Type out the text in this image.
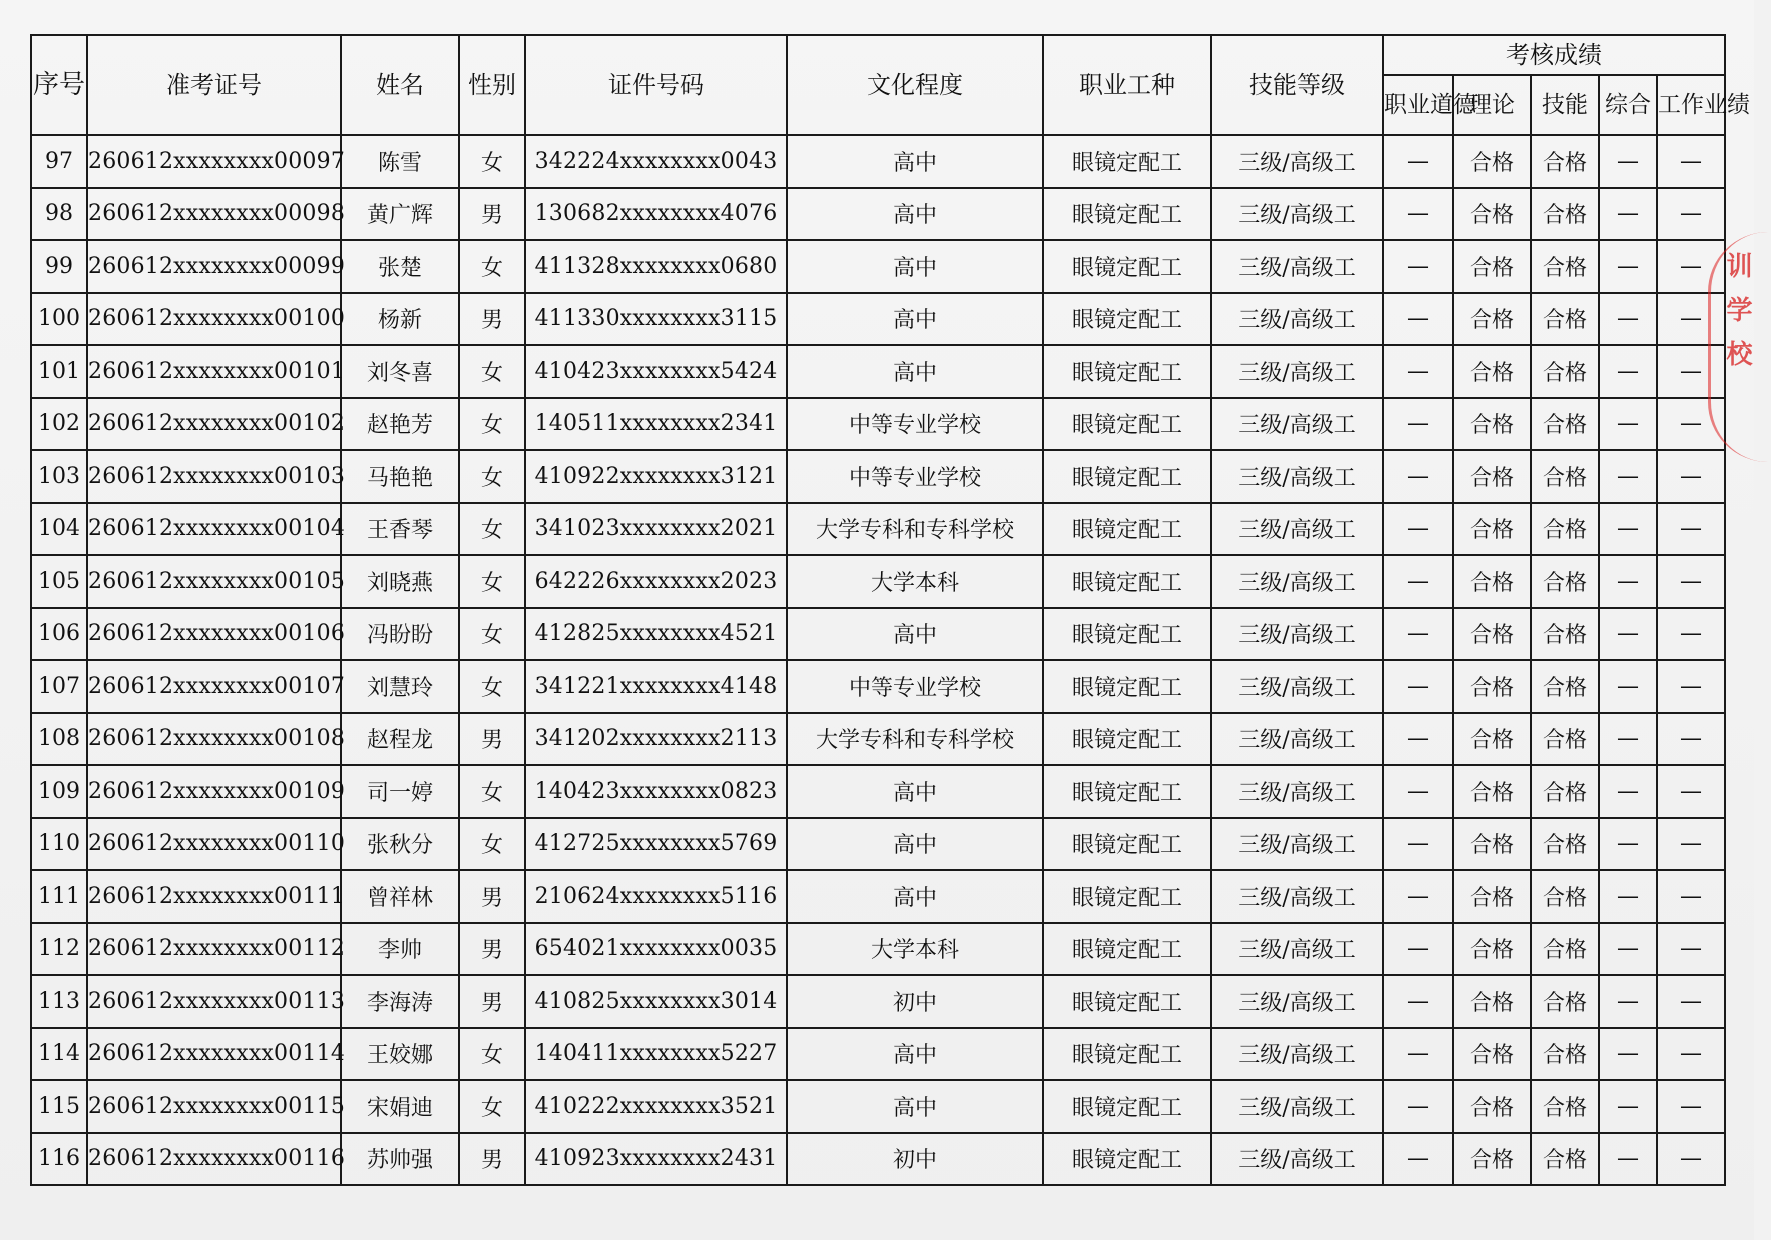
序号	准考证号	姓名	性别	证件号码	文化程度	职业工种	技能等级	考核成绩				
								职业道德	理论	技能	综合	工作业绩
97	260612xxxxxxxx00097	陈雪	女	342224xxxxxxxx0043	高中	眼镜定配工	三级/高级工	—	合格	合格	—	—
98	260612xxxxxxxx00098	黄广辉	男	130682xxxxxxxx4076	高中	眼镜定配工	三级/高级工	—	合格	合格	—	—
99	260612xxxxxxxx00099	张楚	女	411328xxxxxxxx0680	高中	眼镜定配工	三级/高级工	—	合格	合格	—	—
100	260612xxxxxxxx00100	杨新	男	411330xxxxxxxx3115	高中	眼镜定配工	三级/高级工	—	合格	合格	—	—
101	260612xxxxxxxx00101	刘冬喜	女	410423xxxxxxxx5424	高中	眼镜定配工	三级/高级工	—	合格	合格	—	—
102	260612xxxxxxxx00102	赵艳芳	女	140511xxxxxxxx2341	中等专业学校	眼镜定配工	三级/高级工	—	合格	合格	—	—
103	260612xxxxxxxx00103	马艳艳	女	410922xxxxxxxx3121	中等专业学校	眼镜定配工	三级/高级工	—	合格	合格	—	—
104	260612xxxxxxxx00104	王香琴	女	341023xxxxxxxx2021	大学专科和专科学校	眼镜定配工	三级/高级工	—	合格	合格	—	—
105	260612xxxxxxxx00105	刘晓燕	女	642226xxxxxxxx2023	大学本科	眼镜定配工	三级/高级工	—	合格	合格	—	—
106	260612xxxxxxxx00106	冯盼盼	女	412825xxxxxxxx4521	高中	眼镜定配工	三级/高级工	—	合格	合格	—	—
107	260612xxxxxxxx00107	刘慧玲	女	341221xxxxxxxx4148	中等专业学校	眼镜定配工	三级/高级工	—	合格	合格	—	—
108	260612xxxxxxxx00108	赵程龙	男	341202xxxxxxxx2113	大学专科和专科学校	眼镜定配工	三级/高级工	—	合格	合格	—	—
109	260612xxxxxxxx00109	司一婷	女	140423xxxxxxxx0823	高中	眼镜定配工	三级/高级工	—	合格	合格	—	—
110	260612xxxxxxxx00110	张秋分	女	412725xxxxxxxx5769	高中	眼镜定配工	三级/高级工	—	合格	合格	—	—
111	260612xxxxxxxx00111	曾祥林	男	210624xxxxxxxx5116	高中	眼镜定配工	三级/高级工	—	合格	合格	—	—
112	260612xxxxxxxx00112	李帅	男	654021xxxxxxxx0035	大学本科	眼镜定配工	三级/高级工	—	合格	合格	—	—
113	260612xxxxxxxx00113	李海涛	男	410825xxxxxxxx3014	初中	眼镜定配工	三级/高级工	—	合格	合格	—	—
114	260612xxxxxxxx00114	王姣娜	女	140411xxxxxxxx5227	高中	眼镜定配工	三级/高级工	—	合格	合格	—	—
115	260612xxxxxxxx00115	宋娟迪	女	410222xxxxxxxx3521	高中	眼镜定配工	三级/高级工	—	合格	合格	—	—
116	260612xxxxxxxx00116	苏帅强	男	410923xxxxxxxx2431	初中	眼镜定配工	三级/高级工	—	合格	合格	—	—
训学校
